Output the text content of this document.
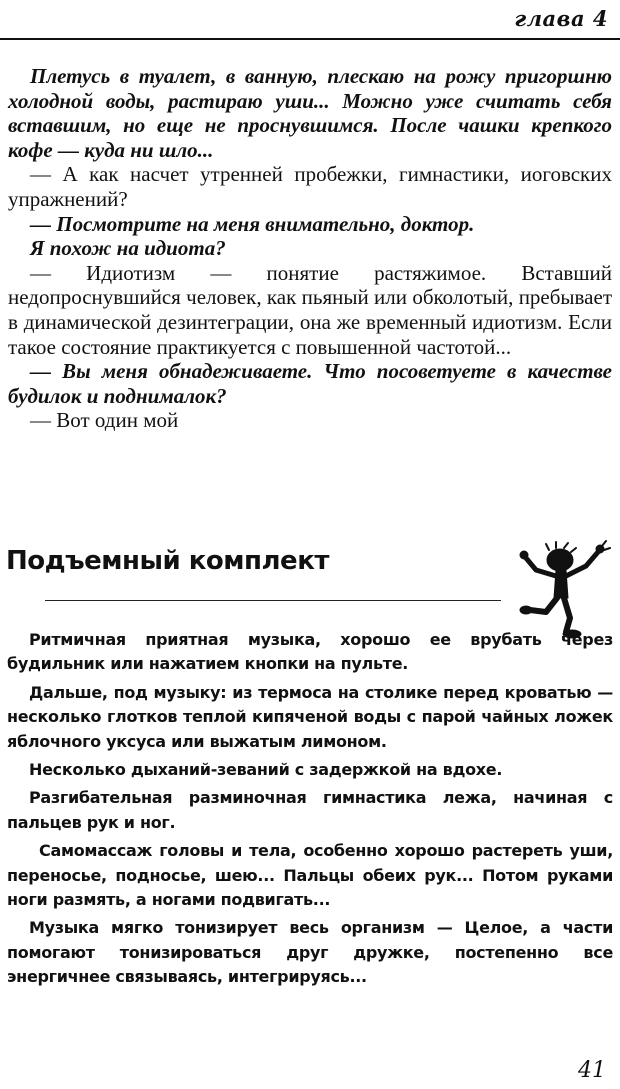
глава 4

Плетусь в туалет, в ванную, плескаю на рожу пригоршню холодной воды, растираю уши... Можно уже считать себя вставшим, но еще не проснувшимся. После чашки крепкого кофе — куда ни шло...

— А как насчет утренней пробежки, гимнастики, иоговских упражнений?

— Посмотрите на меня внимательно, доктор.

Я похож на идиота?

— Идиотизм — понятие растяжимое. Вставший недопроснувшийся человек, как пьяный или обколотый, пребывает в динамической дезинтеграции, она же временный идиотизм. Если такое состояние практикуется с повышенной частотой...

— Вы меня обнадеживаете. Что посоветуете в качестве будилок и поднималок?

— Вот один мой

Подъемный комплект

Ритмичная приятная музыка, хорошо ее врубать через будильник или нажатием кнопки на пульте.

Дальше, под музыку: из термоса на столике перед кроватью — несколько глотков теплой кипяченой воды с парой чайных ложек яблочного уксуса или выжатым лимоном.

Несколько дыханий-зеваний с задержкой на вдохе.

Разгибательная разминочная гимнастика лежа, начиная с пальцев рук и ног.

Самомассаж головы и тела, особенно хорошо растереть уши, переносье, подносье, шею... Пальцы обеих рук... Потом руками ноги размять, а ногами подвигать...

Музыка мягко тонизирует весь организм — Целое, а части помогают тонизироваться друг дружке, постепенно все энергичнее связываясь, интегрируясь...

41
